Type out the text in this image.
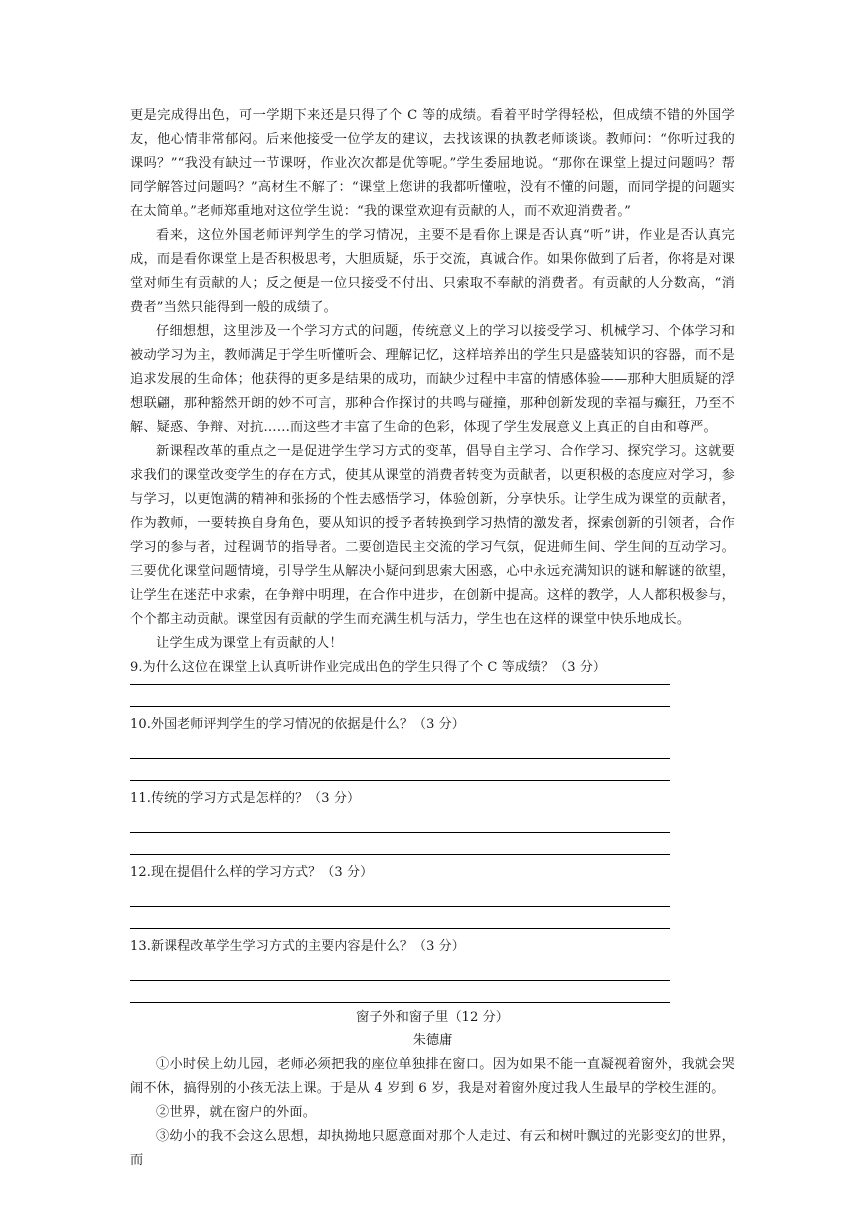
更是完成得出色，可一学期下来还是只得了个 C 等的成绩。看着平时学得轻松，但成绩不错的外国学友，他心情非常郁闷。后来他接受一位学友的建议，去找该课的执教老师谈谈。教师问：“你听过我的课吗？”“我没有缺过一节课呀，作业次次都是优等呢。”学生委屈地说。“那你在课堂上提过问题吗？帮同学解答过问题吗？”高材生不解了：“课堂上您讲的我都听懂啦，没有不懂的问题，而同学提的问题实在太简单。”老师郑重地对这位学生说：“我的课堂欢迎有贡献的人，而不欢迎消费者。”

看来，这位外国老师评判学生的学习情况，主要不是看你上课是否认真“听”讲，作业是否认真完成，而是看你课堂上是否积极思考，大胆质疑，乐于交流，真诚合作。如果你做到了后者，你将是对课堂对师生有贡献的人；反之便是一位只接受不付出、只索取不奉献的消费者。有贡献的人分数高，“消费者”当然只能得到一般的成绩了。

仔细想想，这里涉及一个学习方式的问题，传统意义上的学习以接受学习、机械学习、个体学习和被动学习为主，教师满足于学生听懂听会、理解记忆，这样培养出的学生只是盛装知识的容器，而不是追求发展的生命体；他获得的更多是结果的成功，而缺少过程中丰富的情感体验——那种大胆质疑的浮想联翩，那种豁然开朗的妙不可言，那种合作探讨的共鸣与碰撞，那种创新发现的幸福与癫狂，乃至不解、疑惑、争辩、对抗……而这些才丰富了生命的色彩，体现了学生发展意义上真正的自由和尊严。

新课程改革的重点之一是促进学生学习方式的变革，倡导自主学习、合作学习、探究学习。这就要求我们的课堂改变学生的存在方式，使其从课堂的消费者转变为贡献者，以更积极的态度应对学习，参与学习，以更饱满的精神和张扬的个性去感悟学习，体验创新，分享快乐。让学生成为课堂的贡献者，作为教师，一要转换自身角色，要从知识的授予者转换到学习热情的激发者，探索创新的引领者，合作学习的参与者，过程调节的指导者。二要创造民主交流的学习气氛，促进师生间、学生间的互动学习。三要优化课堂问题情境，引导学生从解决小疑问到思索大困惑，心中永远充满知识的谜和解谜的欲望，让学生在迷茫中求索，在争辩中明理，在合作中进步，在创新中提高。这样的教学，人人都积极参与，个个都主动贡献。课堂因有贡献的学生而充满生机与活力，学生也在这样的课堂中快乐地成长。

让学生成为课堂上有贡献的人！

9.为什么这位在课堂上认真听讲作业完成出色的学生只得了个 C 等成绩？（3 分）

10.外国老师评判学生的学习情况的依据是什么？（3 分）

11.传统的学习方式是怎样的？（3 分）

12.现在提倡什么样的学习方式？（3 分）

13.新课程改革学生学习方式的主要内容是什么？（3 分）

窗子外和窗子里（12 分）

朱德庸

①小时侯上幼儿园，老师必须把我的座位单独排在窗口。因为如果不能一直凝视着窗外，我就会哭闹不休，搞得别的小孩无法上课。于是从 4 岁到 6 岁，我是对着窗外度过我人生最早的学校生涯的。

②世界，就在窗户的外面。

③幼小的我不会这么思想，却执拗地只愿意面对那个人走过、有云和树叶飘过的光影变幻的世界，而
